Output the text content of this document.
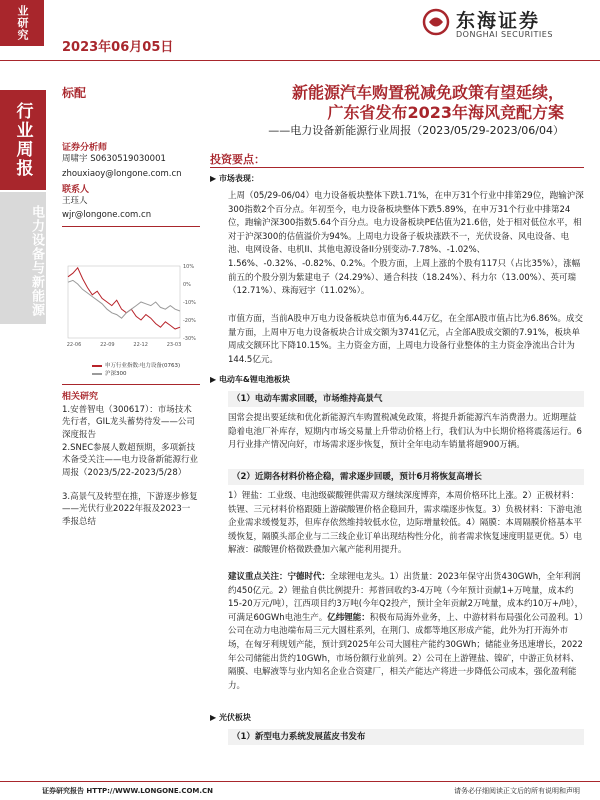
业研究
2023年06月05日
东海证券
DONGHAI SECURITIES
行业周报
电力设备与新能源
标配	新能源汽车购置税减免政策有望延续，
广东省发布2023年海风竞配方案
——电力设备新能源行业周报（2023/05/29-2023/06/04）
证券分析师
周啸宇 S0630519030001
zhouxiaoy@longone.com.cn
联系人
王珏人
wjr@longone.com.cn
10%
0%
-10%
-20%
-30%
22-06	22-09	22-12	23-03
申万行业指数:电力设备(0763)
沪深300
相关研究
1.安普智电（300617）：市场技术先行者，GIL龙头蓄势待发——公司深度报告
2.SNEC参展人数超预期，多项新技术备受关注——电力设备新能源行业周报（2023/5/22-2023/5/28）
3.高景气及转型在推，下游逐步修复——光伏行业2022年报及2023一季报总结
投资要点：
▶ 市场表现：
上周（05/29-06/04）电力设备板块整体下跌1.71%，在申万31个行业中排第29位，跑输沪深300指数2个百分点。年初至今，电力设备板块整体下跌5.89%，在申万31个行业中排第24位，跑输沪深300指数5.64个百分点。电力设备板块PE估值为21.6倍，处于相对低位水平，相对于沪深300的估值溢价为94%。上周电力设备子板块涨跌不一，光伏设备、风电设备、电池、电网设备、电机II、其他电源设备II分别变动-7.78%、-1.02%、1.56%、-0.32%、-0.82%、0.2%。个股方面，上周上涨的个股有117只（占比35%），涨幅前五的个股分别为紫建电子（24.29%）、通合科技（18.24%）、科力尔（13.00%）、英可瑞（12.71%）、珠海冠宇（11.02%）。
市值方面，当前A股申万电力设备板块总市值为6.44万亿，在全部A股市值占比为6.86%。成交量方面，上周申万电力设备板块合计成交额为3741亿元，占全部A股成交额的7.91%，板块单周成交额环比下降10.15%。主力资金方面，上周电力设备行业整体的主力资金净流出合计为144.5亿元。
▶ 电动车&锂电池板块
（1）电动车需求回暖，市场维持高景气
国常会提出要延续和优化新能源汽车购置税减免政策，将提升新能源汽车消费潜力。近期理益隐着电池厂补库存，短期内市场交易量上升带动价格上行，我们认为中长期价格将震荡运行。6月行业排产情况向好，市场需求逐步恢复，预计全年电动车销量将超900万辆。
（2）近期各材料价格企稳，需求逐步回暖，预计6月将恢复高增长
1）锂盐：工业级、电池级碳酸锂供需双方继续深度博弈，本周价格环比上涨。2）正极材料：铁锂、三元材料价格跟随上游碳酸锂价格企稳回升，需求端逐步恢复。3）负极材料：下游电池企业需求缓慢复苏，但库存依然维持较低水位，边际增量较低。4）隔膜：本周隔膜价格基本平缓恢复，隔膜头部企业与二三线企业订单出现结构性分化，前者需求恢复速度明显更优。5）电解液：碳酸锂价格微跌叠加六氟产能利用提升。
建议重点关注：宁德时代：全球锂电龙头。1）出货量：2023年保守出货430GWh，全年利润约450亿元。2）锂盐自供比例提升：邦普回收约3-4万吨（今年预计贡献1+万吨量，成本约15-20万元/吨），江西项目约3万吨(今年Q2投产，预计全年贡献2万吨量，成本约10万+/吨），可满足60GWh电池生产。亿纬锂能：积极布局海外业务，上、中游材料布局强化公司盈利。1）公司在动力电池端布局三元大圆柱系列，在荆门、成都等地区形成产能，此外为打开海外市场，在匈牙利规划产能，预计到2025年公司大圆柱产能约30GWh；储能业务迅速增长，2022年公司储能出货约10GWh，市场份额行业前列。2）公司在上游锂盐、镍矿，中游正负材料、隔膜、电解液等与业内知名企业合资建厂，相关产能达产将进一步降低公司成本，强化盈利能力。
▶ 光伏板块
（1）新型电力系统发展蓝皮书发布
证券研究报告 HTTP://WWW.LONGONE.COM.CN	请务必仔细阅读正文后的所有说明和声明
